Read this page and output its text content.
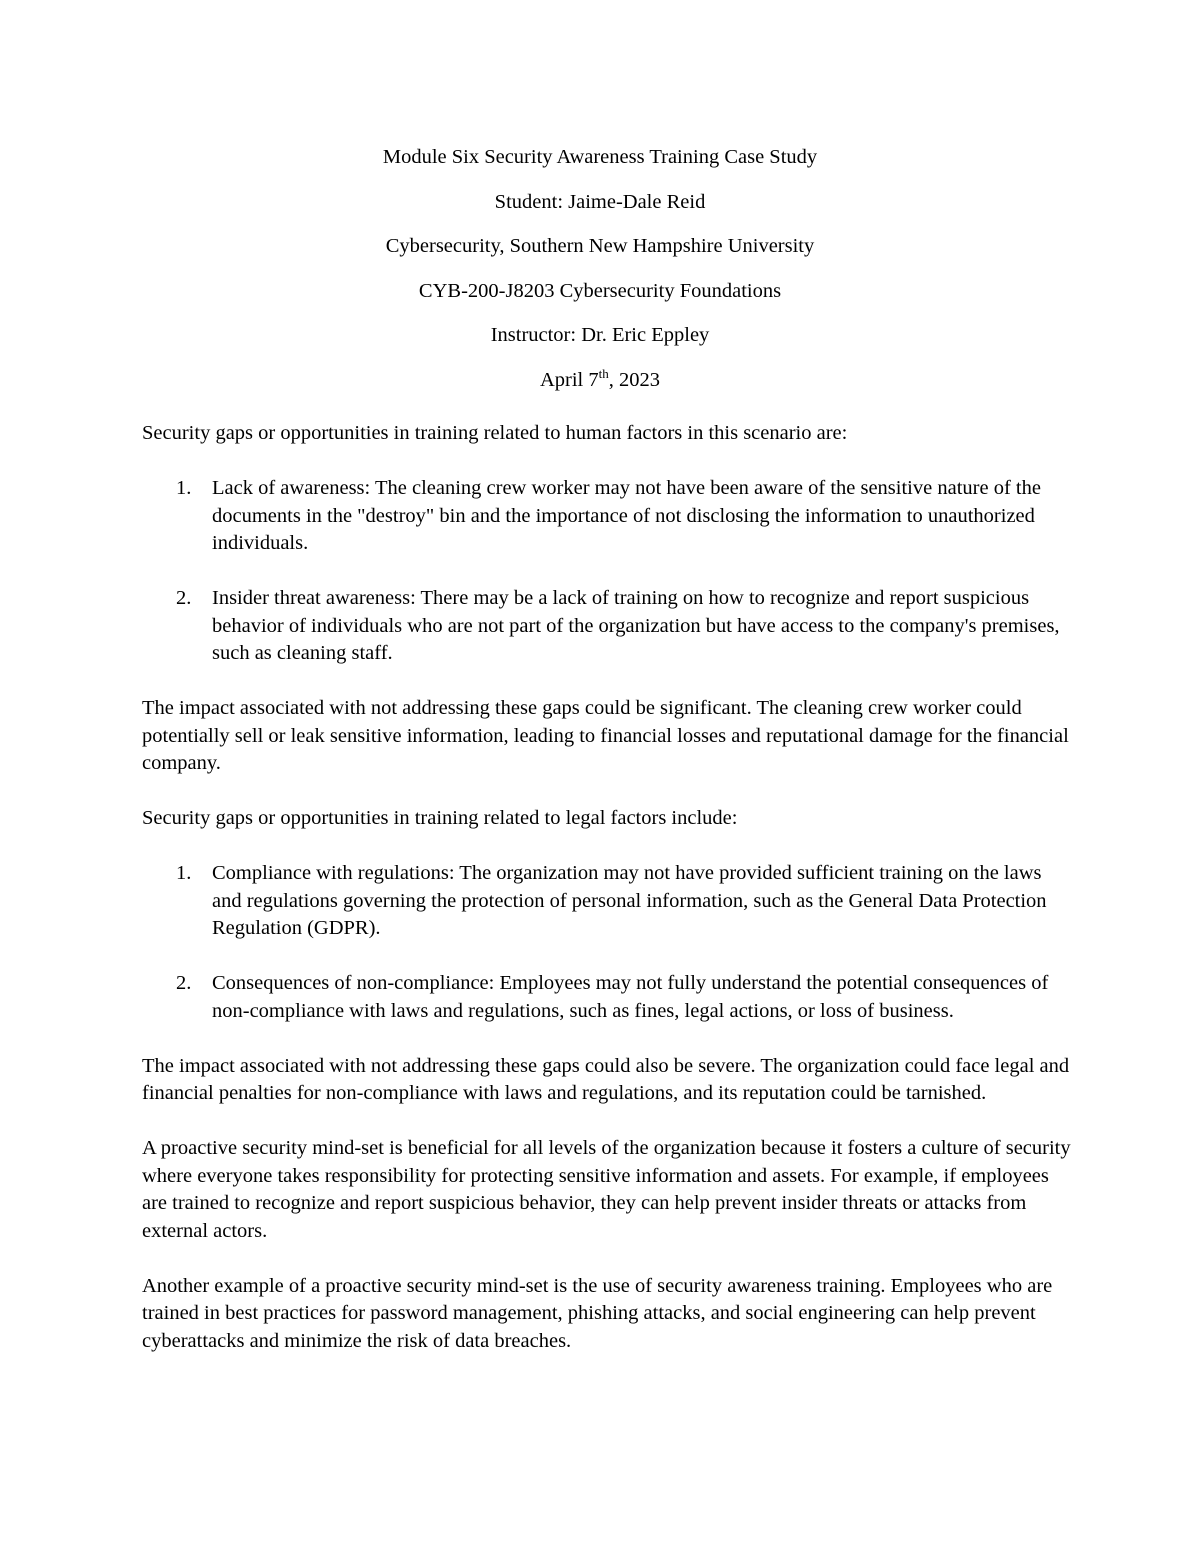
Module Six Security Awareness Training Case Study
Student: Jaime-Dale Reid
Cybersecurity, Southern New Hampshire University
CYB-200-J8203 Cybersecurity Foundations
Instructor: Dr. Eric Eppley
April 7th, 2023

Security gaps or opportunities in training related to human factors in this scenario are:

1. Lack of awareness: The cleaning crew worker may not have been aware of the sensitive nature of the documents in the "destroy" bin and the importance of not disclosing the information to unauthorized individuals.
2. Insider threat awareness: There may be a lack of training on how to recognize and report suspicious behavior of individuals who are not part of the organization but have access to the company's premises, such as cleaning staff.

The impact associated with not addressing these gaps could be significant. The cleaning crew worker could potentially sell or leak sensitive information, leading to financial losses and reputational damage for the financial company.

Security gaps or opportunities in training related to legal factors include:

1. Compliance with regulations: The organization may not have provided sufficient training on the laws and regulations governing the protection of personal information, such as the General Data Protection Regulation (GDPR).
2. Consequences of non-compliance: Employees may not fully understand the potential consequences of non-compliance with laws and regulations, such as fines, legal actions, or loss of business.

The impact associated with not addressing these gaps could also be severe. The organization could face legal and financial penalties for non-compliance with laws and regulations, and its reputation could be tarnished.

A proactive security mind-set is beneficial for all levels of the organization because it fosters a culture of security where everyone takes responsibility for protecting sensitive information and assets. For example, if employees are trained to recognize and report suspicious behavior, they can help prevent insider threats or attacks from external actors.

Another example of a proactive security mind-set is the use of security awareness training. Employees who are trained in best practices for password management, phishing attacks, and social engineering can help prevent cyberattacks and minimize the risk of data breaches.
